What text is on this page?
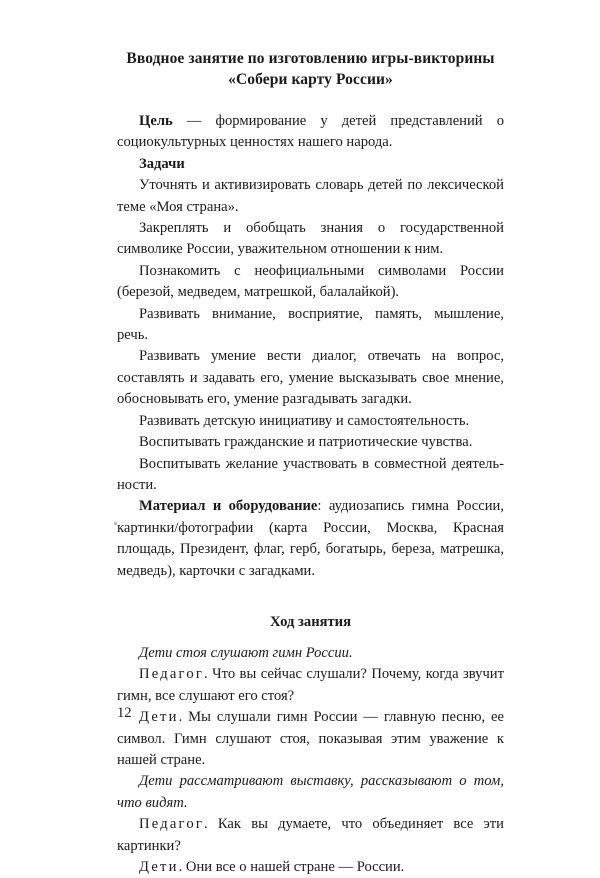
Вводное занятие по изготовлению игры-викторины
«Собери карту России»

Цель — формирование у детей представлений о социокультурных ценностях нашего народа.

Задачи

Уточнять и активизировать словарь детей по лексической теме «Моя страна».

Закреплять и обобщать знания о государственной символике России, уважительном отношении к ним.

Познакомить с неофициальными символами России (березой, медведем, матрешкой, балалайкой).

Развивать внимание, восприятие, память, мышление, речь.

Развивать умение вести диалог, отвечать на вопрос, составлять и задавать его, умение высказывать свое мнение, обосновывать его, умение разгадывать загадки.

Развивать детскую инициативу и самостоятельность.

Воспитывать гражданские и патриотические чувства.

Воспитывать желание участвовать в совместной деятельности.

Материал и оборудование: аудиозапись гимна России, картинки/фотографии (карта России, Москва, Красная площадь, Президент, флаг, герб, богатырь, береза, матрешка, медведь), карточки с загадками.

Ход занятия

Дети стоя слушают гимн России.

Педагог. Что вы сейчас слушали? Почему, когда звучит гимн, все слушают его стоя?

Дети. Мы слушали гимн России — главную песню, ее символ. Гимн слушают стоя, показывая этим уважение к нашей стране.

Дети рассматривают выставку, рассказывают о том, что видят.

Педагог. Как вы думаете, что объединяет все эти картинки?

Дети. Они все о нашей стране — России.

12
